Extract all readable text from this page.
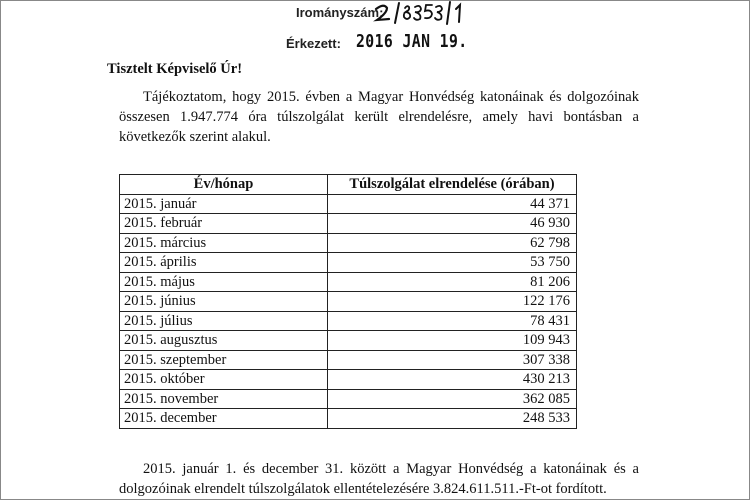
Irományszám:
Érkezett: 2016 JAN 19.
Tisztelt Képviselő Úr!
Tájékoztatom, hogy 2015. évben a Magyar Honvédség katonáinak és dolgozóinak összesen 1.947.774 óra túlszolgálat került elrendelésre, amely havi bontásban a következők szerint alakul.
Év/hónap	Túlszolgálat elrendelése (órában)
2015. január	44 371
2015. február	46 930
2015. március	62 798
2015. április	53 750
2015. május	81 206
2015. június	122 176
2015. július	78 431
2015. augusztus	109 943
2015. szeptember	307 338
2015. október	430 213
2015. november	362 085
2015. december	248 533
2015. január 1. és december 31. között a Magyar Honvédség a katonáinak és a dolgozóinak elrendelt túlszolgálatok ellentételezésére 3.824.611.511.-Ft-ot fordított.
